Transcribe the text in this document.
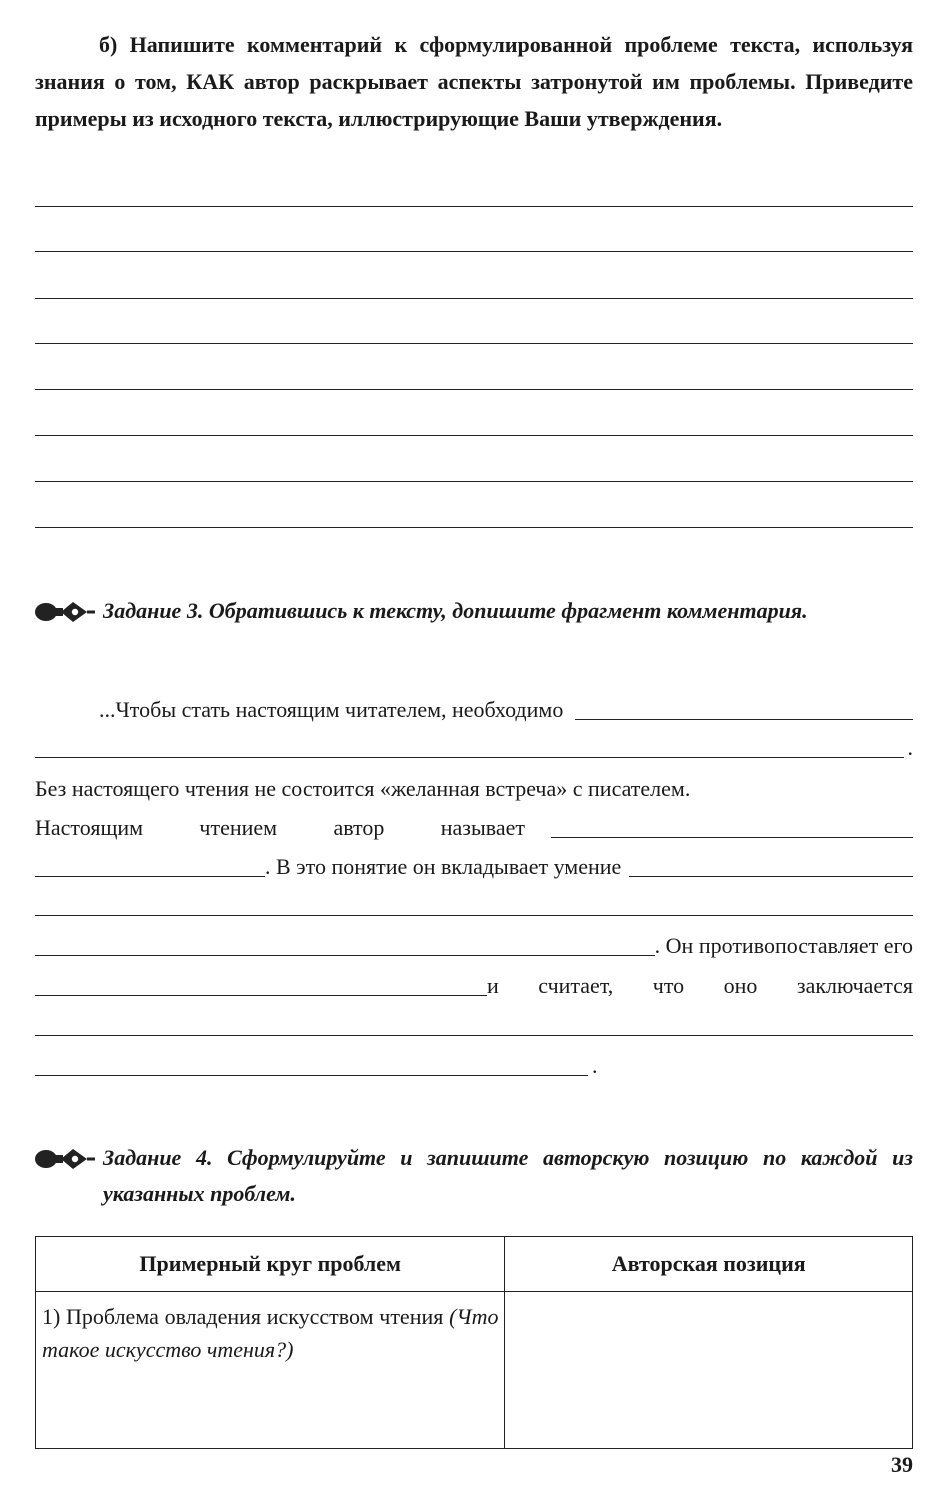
б) Напишите комментарий к сформулированной проблеме текста, используя знания о том, КАК автор раскрывает аспекты затронутой им проблемы. Приведите примеры из исходного текста, иллюстрирующие Ваши утверждения.

Задание 3. Обратившись к тексту, допишите фрагмент комментария.

...Чтобы стать настоящим читателем, необходимо
.
Без настоящего чтения не состоится «желанная встреча» с писателем.
Настоящим	чтением	автор	называет
. В это понятие он вкладывает умение
. Он противопоставляет его
и считает, что оно заключается
.

Задание 4. Сформулируйте и запишите авторскую позицию по каждой из указанных проблем.

Примерный круг проблем	Авторская позиция
1) Проблема овладения искусством чтения (Что такое искусство чтения?)	
39
